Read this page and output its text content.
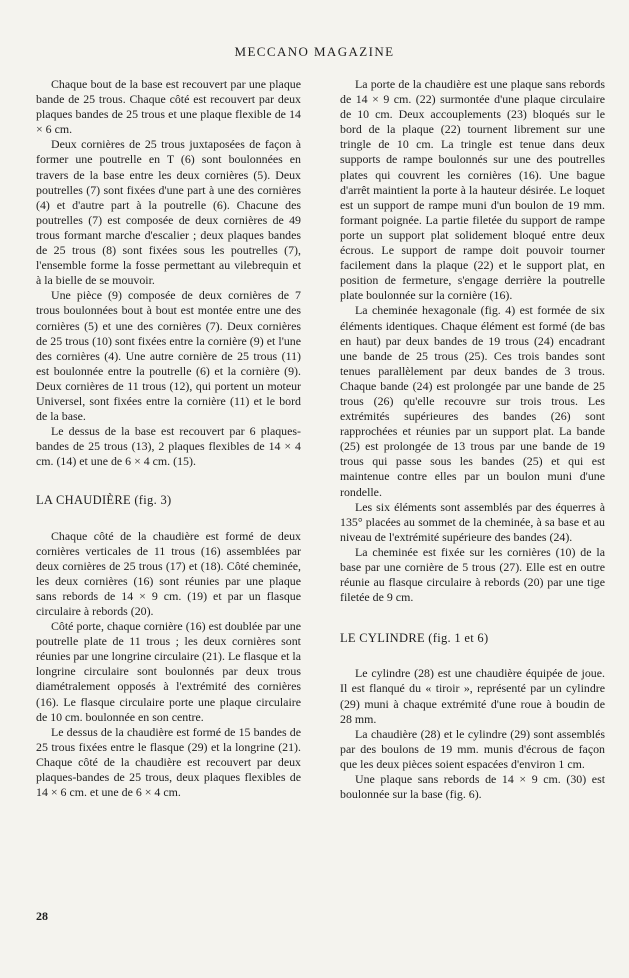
MECCANO MAGAZINE

Chaque bout de la base est recouvert par une plaque bande de 25 trous. Chaque côté est recouvert par deux plaques bandes de 25 trous et une plaque flexible de 14 × 6 cm.

Deux cornières de 25 trous juxtaposées de façon à former une poutrelle en T (6) sont boulonnées en travers de la base entre les deux cornières (5). Deux poutrelles (7) sont fixées d'une part à une des cornières (4) et d'autre part à la poutrelle (6). Chacune des poutrelles (7) est composée de deux cornières de 49 trous formant marche d'escalier ; deux plaques bandes de 25 trous (8) sont fixées sous les poutrelles (7), l'ensemble forme la fosse permettant au vilebrequin et à la bielle de se mouvoir.

Une pièce (9) composée de deux cornières de 7 trous boulonnées bout à bout est montée entre une des cornières (5) et une des cornières (7). Deux cornières de 25 trous (10) sont fixées entre la cornière (9) et l'une des cornières (4). Une autre cornière de 25 trous (11) est boulonnée entre la poutrelle (6) et la cornière (9). Deux cornières de 11 trous (12), qui portent un moteur Universel, sont fixées entre la cornière (11) et le bord de la base.

Le dessus de la base est recouvert par 6 plaques-bandes de 25 trous (13), 2 plaques flexibles de 14 × 4 cm. (14) et une de 6 × 4 cm. (15).

LA CHAUDIÈRE (fig. 3)

Chaque côté de la chaudière est formé de deux cornières verticales de 11 trous (16) assemblées par deux cornières de 25 trous (17) et (18). Côté cheminée, les deux cornières (16) sont réunies par une plaque sans rebords de 14 × 9 cm. (19) et par un flasque circulaire à rebords (20).

Côté porte, chaque cornière (16) est doublée par une poutrelle plate de 11 trous ; les deux cornières sont réunies par une longrine circulaire (21). Le flasque et la longrine circulaire sont boulonnés par deux trous diamétralement opposés à l'extrémité des cornières (16). Le flasque circulaire porte une plaque circulaire de 10 cm. boulonnée en son centre.

Le dessus de la chaudière est formé de 15 bandes de 25 trous fixées entre le flasque (29) et la longrine (21). Chaque côté de la chaudière est recouvert par deux plaques-bandes de 25 trous, deux plaques flexibles de 14 × 6 cm. et une de 6 × 4 cm.

La porte de la chaudière est une plaque sans rebords de 14 × 9 cm. (22) surmontée d'une plaque circulaire de 10 cm. Deux accouplements (23) bloqués sur le bord de la plaque (22) tournent librement sur une tringle de 10 cm. La tringle est tenue dans deux supports de rampe boulonnés sur une des poutrelles plates qui couvrent les cornières (16). Une bague d'arrêt maintient la porte à la hauteur désirée. Le loquet est un support de rampe muni d'un boulon de 19 mm. formant poignée. La partie filetée du support de rampe porte un support plat solidement bloqué entre deux écrous. Le support de rampe doit pouvoir tourner facilement dans la plaque (22) et le support plat, en position de fermeture, s'engage derrière la poutrelle plate boulonnée sur la cornière (16).

La cheminée hexagonale (fig. 4) est formée de six éléments identiques. Chaque élément est formé (de bas en haut) par deux bandes de 19 trous (24) encadrant une bande de 25 trous (25). Ces trois bandes sont tenues parallèlement par deux bandes de 3 trous. Chaque bande (24) est prolongée par une bande de 25 trous (26) qu'elle recouvre sur trois trous. Les extrémités supérieures des bandes (26) sont rapprochées et réunies par un support plat. La bande (25) est prolongée de 13 trous par une bande de 19 trous qui passe sous les bandes (25) et qui est maintenue contre elles par un boulon muni d'une rondelle.

Les six éléments sont assemblés par des équerres à 135° placées au sommet de la cheminée, à sa base et au niveau de l'extrémité supérieure des bandes (24).

La cheminée est fixée sur les cornières (10) de la base par une cornière de 5 trous (27). Elle est en outre réunie au flasque circulaire à rebords (20) par une tige filetée de 9 cm.

LE CYLINDRE (fig. 1 et 6)

Le cylindre (28) est une chaudière équipée de joue. Il est flanqué du « tiroir », représenté par un cylindre (29) muni à chaque extrémité d'une roue à boudin de 28 mm.

La chaudière (28) et le cylindre (29) sont assemblés par des boulons de 19 mm. munis d'écrous de façon que les deux pièces soient espacées d'environ 1 cm.

Une plaque sans rebords de 14 × 9 cm. (30) est boulonnée sur la base (fig. 6).

28
